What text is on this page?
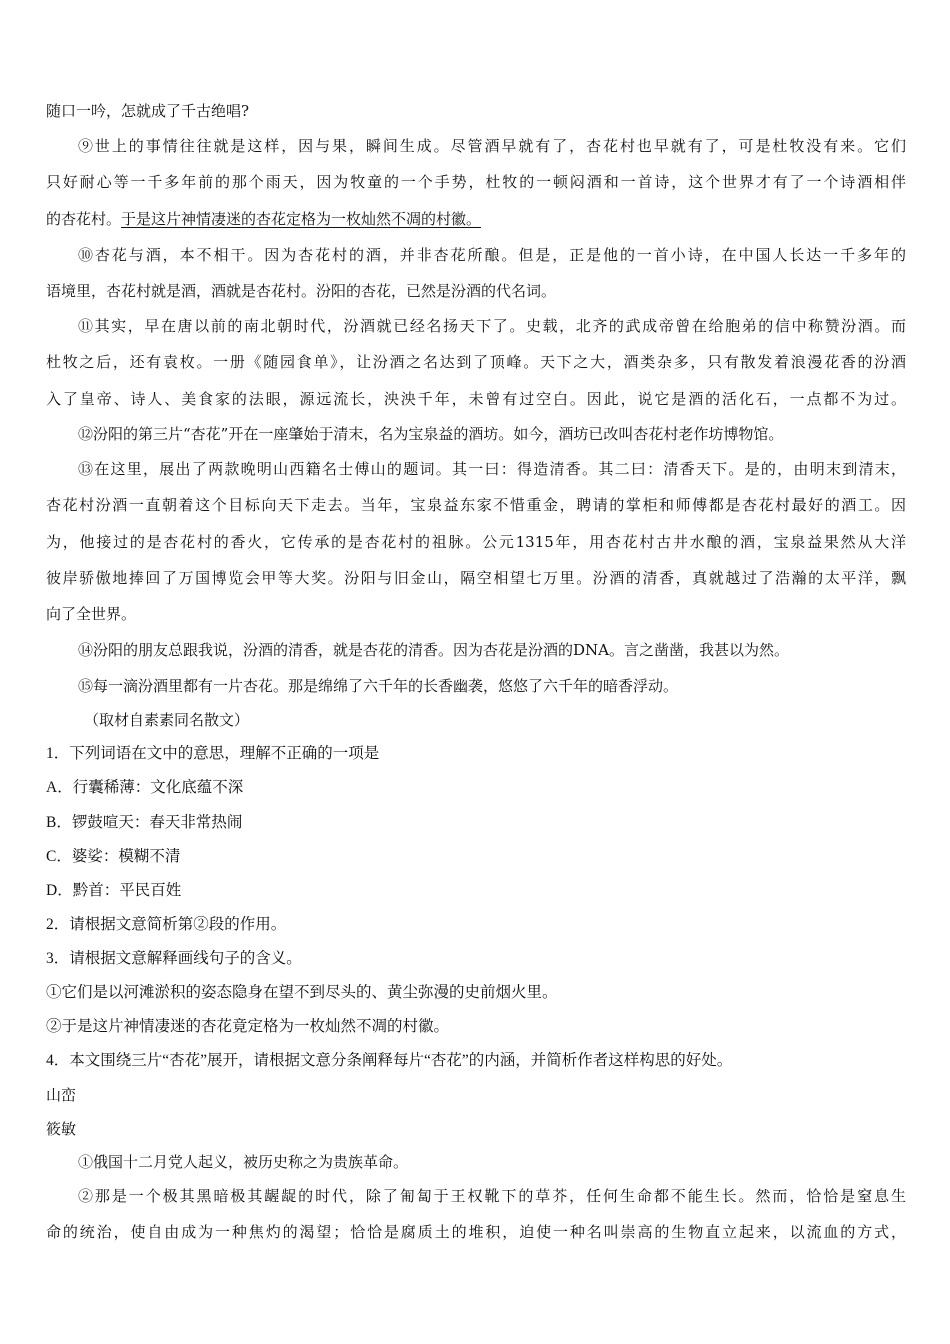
随口一吟，怎就成了千古绝唱?
⑨世上的事情往往就是这样，因与果，瞬间生成。尽管酒早就有了，杏花村也早就有了，可是杜牧没有来。它们
只好耐心等一千多年前的那个雨天，因为牧童的一个手势，杜牧的一顿闷酒和一首诗，这个世界才有了一个诗酒相伴
的杏花村。于是这片神情凄迷的杏花定格为一枚灿然不凋的村徽。
⑩杏花与酒，本不相干。因为杏花村的酒，并非杏花所酿。但是，正是他的一首小诗，在中国人长达一千多年的
语境里，杏花村就是酒，酒就是杏花村。汾阳的杏花，已然是汾酒的代名词。
⑪其实，早在唐以前的南北朝时代，汾酒就已经名扬天下了。史载，北齐的武成帝曾在给胞弟的信中称赞汾酒。而
杜牧之后，还有袁枚。一册《随园食单》，让汾酒之名达到了顶峰。天下之大，酒类杂多，只有散发着浪漫花香的汾酒
入了皇帝、诗人、美食家的法眼，源远流长，泱泱千年，未曾有过空白。因此，说它是酒的活化石，一点都不为过。
⑫汾阳的第三片“杏花”开在一座肇始于清末，名为宝泉益的酒坊。如今，酒坊已改叫杏花村老作坊博物馆。
⑬在这里，展出了两款晚明山西籍名士傅山的题词。其一曰：得造清香。其二曰：清香天下。是的，由明末到清末，
杏花村汾酒一直朝着这个目标向天下走去。当年，宝泉益东家不惜重金，聘请的掌柜和师傅都是杏花村最好的酒工。因
为，他接过的是杏花村的香火，它传承的是杏花村的祖脉。公元1315年，用杏花村古井水酿的酒，宝泉益果然从大洋
彼岸骄傲地捧回了万国博览会甲等大奖。汾阳与旧金山，隔空相望七万里。汾酒的清香，真就越过了浩瀚的太平洋，飘
向了全世界。
⑭汾阳的朋友总跟我说，汾酒的清香，就是杏花的清香。因为杏花是汾酒的DNA。言之凿凿，我甚以为然。
⑮每一滴汾酒里都有一片杏花。那是绵绵了六千年的长香幽袭，悠悠了六千年的暗香浮动。
（取材自素素同名散文）
1．下列词语在文中的意思，理解不正确的一项是
A．行囊稀薄：文化底蕴不深
B．锣鼓喧天：春天非常热闹
C．婆娑：模糊不清
D．黔首：平民百姓
2．请根据文意简析第②段的作用。
3．请根据文意解释画线句子的含义。
①它们是以河滩淤积的姿态隐身在望不到尽头的、黄尘弥漫的史前烟火里。
②于是这片神情凄迷的杏花竟定格为一枚灿然不凋的村徽。
4．本文围绕三片“杏花”展开，请根据文意分条阐释每片“杏花”的内涵，并简析作者这样构思的好处。
山峦
筱敏
①俄国十二月党人起义，被历史称之为贵族革命。
②那是一个极其黑暗极其龌龊的时代，除了匍匐于王权靴下的草芥，任何生命都不能生长。然而，恰恰是窒息生
命的统治，使自由成为一种焦灼的渴望；恰恰是腐质土的堆积，迫使一种名叫崇高的生物直立起来，以流血的方式，
